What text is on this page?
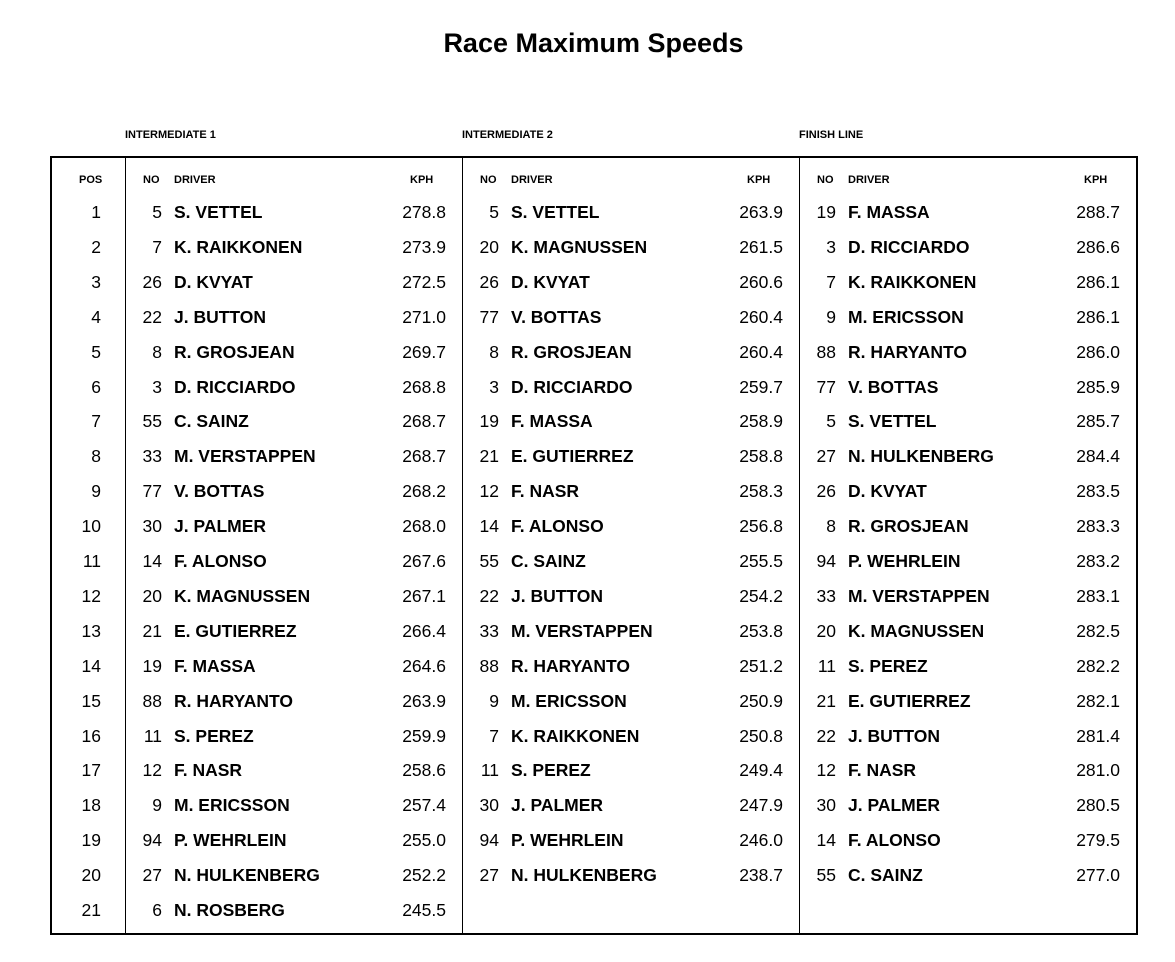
Race Maximum Speeds
INTERMEDIATE 1	INTERMEDIATE 2	FINISH LINE
POS	NO DRIVER	KPH	NO DRIVER	KPH	NO DRIVER	KPH
1	5 S. VETTEL	278.8	5 S. VETTEL	263.9	19 F. MASSA	288.7
2	7 K. RAIKKONEN	273.9	20 K. MAGNUSSEN	261.5	3 D. RICCIARDO	286.6
3	26 D. KVYAT	272.5	26 D. KVYAT	260.6	7 K. RAIKKONEN	286.1
4	22 J. BUTTON	271.0	77 V. BOTTAS	260.4	9 M. ERICSSON	286.1
5	8 R. GROSJEAN	269.7	8 R. GROSJEAN	260.4	88 R. HARYANTO	286.0
6	3 D. RICCIARDO	268.8	3 D. RICCIARDO	259.7	77 V. BOTTAS	285.9
7	55 C. SAINZ	268.7	19 F. MASSA	258.9	5 S. VETTEL	285.7
8	33 M. VERSTAPPEN	268.7	21 E. GUTIERREZ	258.8	27 N. HULKENBERG	284.4
9	77 V. BOTTAS	268.2	12 F. NASR	258.3	26 D. KVYAT	283.5
10	30 J. PALMER	268.0	14 F. ALONSO	256.8	8 R. GROSJEAN	283.3
11	14 F. ALONSO	267.6	55 C. SAINZ	255.5	94 P. WEHRLEIN	283.2
12	20 K. MAGNUSSEN	267.1	22 J. BUTTON	254.2	33 M. VERSTAPPEN	283.1
13	21 E. GUTIERREZ	266.4	33 M. VERSTAPPEN	253.8	20 K. MAGNUSSEN	282.5
14	19 F. MASSA	264.6	88 R. HARYANTO	251.2	11 S. PEREZ	282.2
15	88 R. HARYANTO	263.9	9 M. ERICSSON	250.9	21 E. GUTIERREZ	282.1
16	11 S. PEREZ	259.9	7 K. RAIKKONEN	250.8	22 J. BUTTON	281.4
17	12 F. NASR	258.6	11 S. PEREZ	249.4	12 F. NASR	281.0
18	9 M. ERICSSON	257.4	30 J. PALMER	247.9	30 J. PALMER	280.5
19	94 P. WEHRLEIN	255.0	94 P. WEHRLEIN	246.0	14 F. ALONSO	279.5
20	27 N. HULKENBERG	252.2	27 N. HULKENBERG	238.7	55 C. SAINZ	277.0
21	6 N. ROSBERG	245.5
